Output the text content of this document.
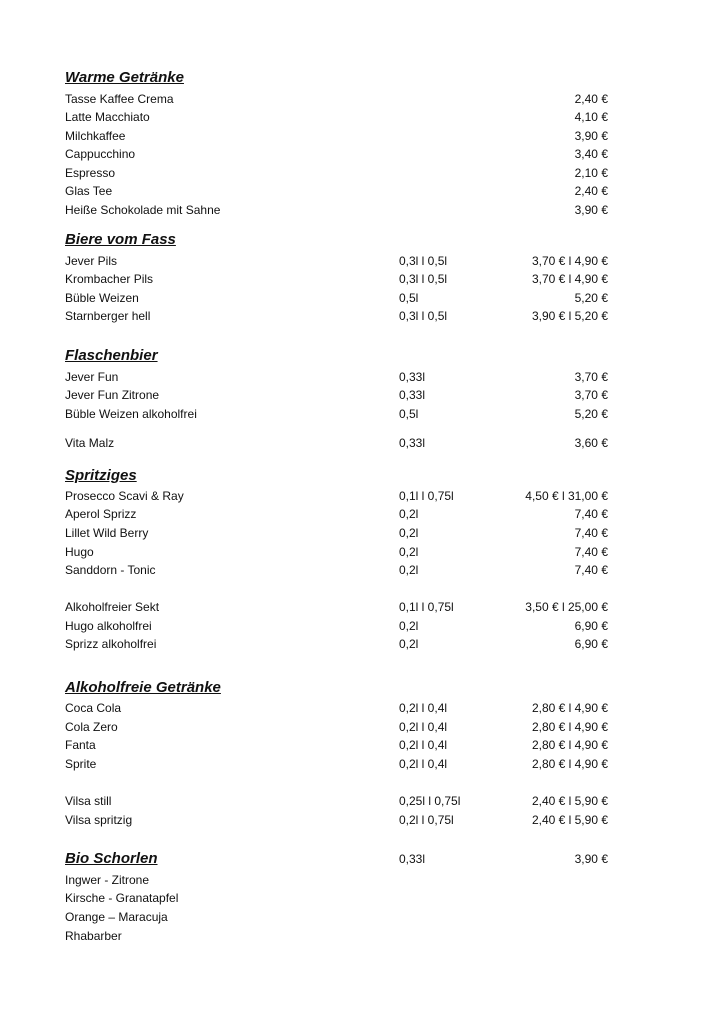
Warme Getränke
Tasse Kaffee Crema	2,40 €
Latte Macchiato	4,10 €
Milchkaffee	3,90 €
Cappucchino	3,40 €
Espresso	2,10 €
Glas Tee	2,40 €
Heiße Schokolade mit Sahne	3,90 €
Biere vom Fass
Jever Pils	0,3l l 0,5l	3,70 € l 4,90 €
Krombacher Pils	0,3l l 0,5l	3,70 € l 4,90 €
Büble Weizen	0,5l	5,20 €
Starnberger hell	0,3l l 0,5l	3,90 € l 5,20 €
Flaschenbier
Jever Fun	0,33l	3,70 €
Jever Fun Zitrone	0,33l	3,70 €
Büble Weizen alkoholfrei	0,5l	5,20 €
Vita Malz	0,33l	3,60 €
Spritziges
Prosecco Scavi & Ray	0,1l l 0,75l	4,50 € l 31,00 €
Aperol Sprizz	0,2l	7,40 €
Lillet Wild Berry	0,2l	7,40 €
Hugo	0,2l	7,40 €
Sanddorn - Tonic	0,2l	7,40 €
Alkoholfreier Sekt	0,1l l 0,75l	3,50 € l 25,00 €
Hugo alkoholfrei	0,2l	6,90 €
Sprizz alkoholfrei	0,2l	6,90 €
Alkoholfreie Getränke
Coca Cola	0,2l l 0,4l	2,80 € l 4,90 €
Cola Zero	0,2l l 0,4l	2,80 € l 4,90 €
Fanta	0,2l l 0,4l	2,80 € l 4,90 €
Sprite	0,2l l 0,4l	2,80 € l 4,90 €
Vilsa still	0,25l l 0,75l	2,40 € l 5,90 €
Vilsa spritzig	0,2l l 0,75l	2,40 € l 5,90 €
Bio Schorlen	0,33l	3,90 €
Ingwer - Zitrone
Kirsche - Granatapfel
Orange – Maracuja
Rhabarber
